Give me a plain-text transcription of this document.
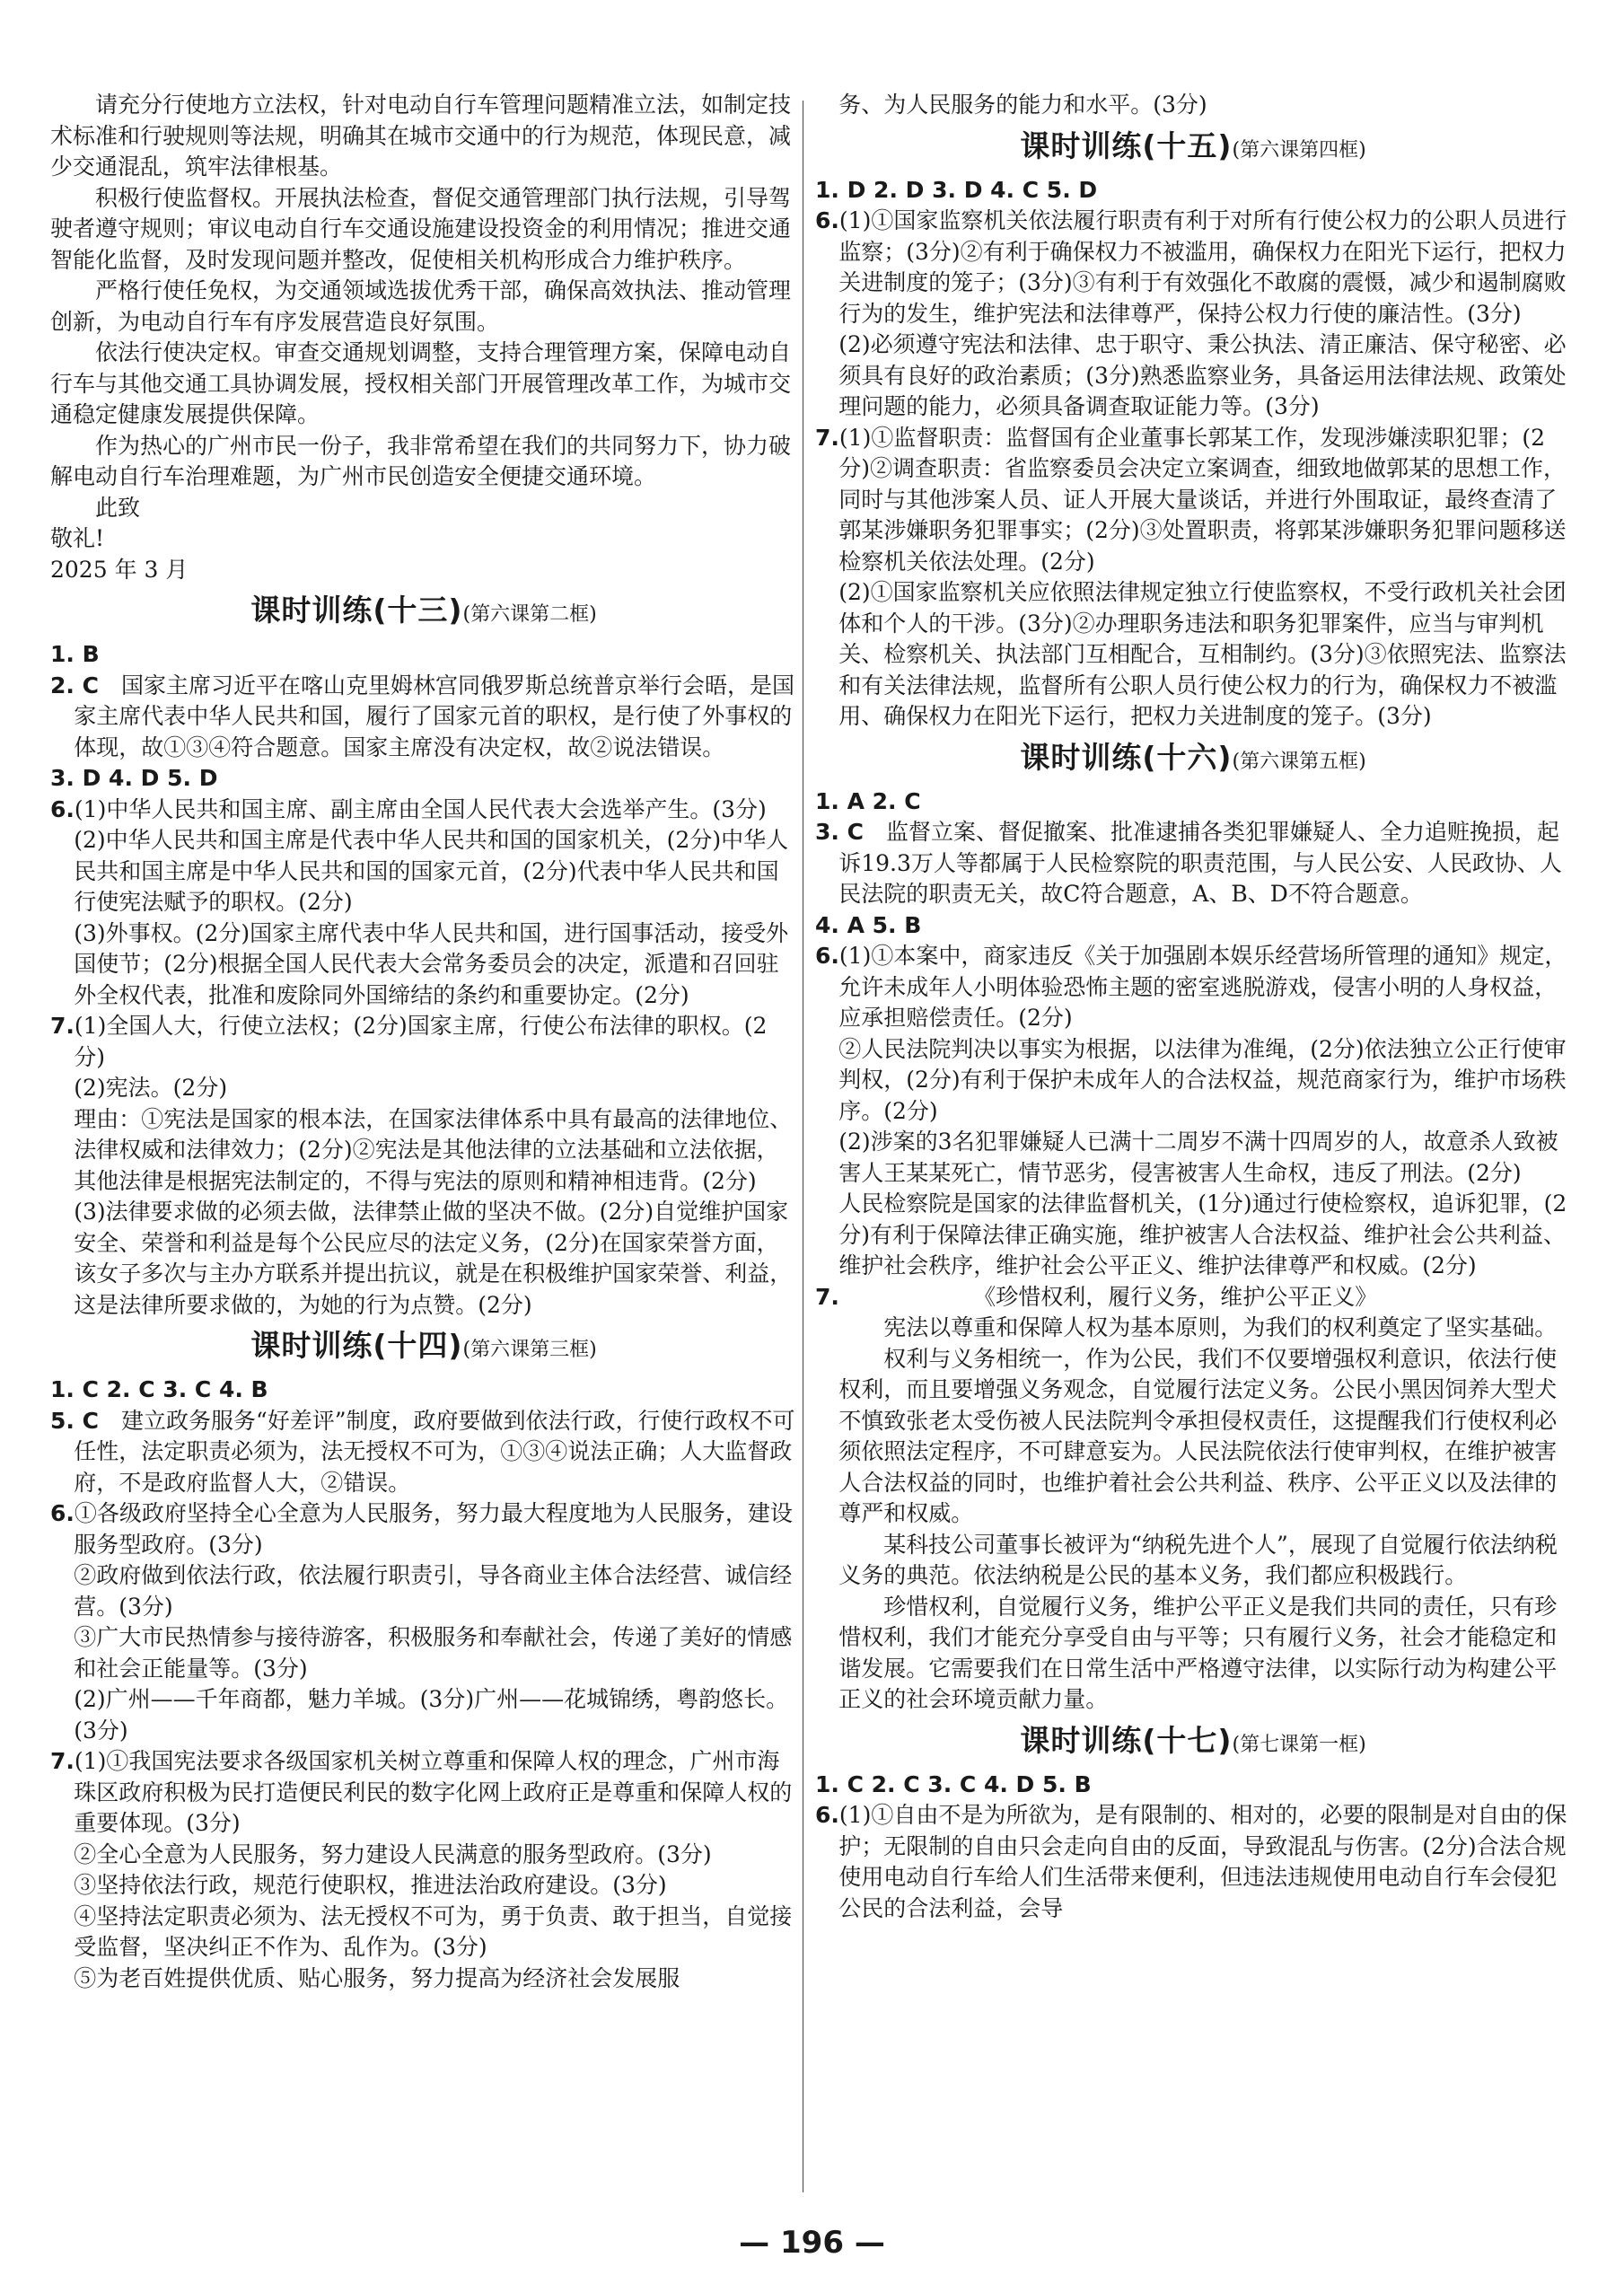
请充分行使地方立法权，针对电动自行车管理问题精准立法，如制定技术标准和行驶规则等法规，明确其在城市交通中的行为规范，体现民意，减少交通混乱，筑牢法律根基。

积极行使监督权。开展执法检查，督促交通管理部门执行法规，引导驾驶者遵守规则；审议电动自行车交通设施建设投资金的利用情况；推进交通智能化监督，及时发现问题并整改，促使相关机构形成合力维护秩序。

严格行使任免权，为交通领域选拔优秀干部，确保高效执法、推动管理创新，为电动自行车有序发展营造良好氛围。

依法行使决定权。审查交通规划调整，支持合理管理方案，保障电动自行车与其他交通工具协调发展，授权相关部门开展管理改革工作，为城市交通稳定健康发展提供保障。

作为热心的广州市民一份子，我非常希望在我们的共同努力下，协力破解电动自行车治理难题，为广州市民创造安全便捷交通环境。

此致

敬礼!

2025 年 3 月

课时训练(十三)(第六课第二框)

1. B

2. C　 国家主席习近平在喀山克里姆林宫同俄罗斯总统普京举行会晤，是国家主席代表中华人民共和国，履行了国家元首的职权，是行使了外事权的体现，故①③④符合题意。国家主席没有决定权，故②说法错误。

3. D 4. D 5. D

6.(1)中华人民共和国主席、副主席由全国人民代表大会选举产生。(3分)

(2)中华人民共和国主席是代表中华人民共和国的国家机关，(2分)中华人民共和国主席是中华人民共和国的国家元首，(2分)代表中华人民共和国行使宪法赋予的职权。(2分)

(3)外事权。(2分)国家主席代表中华人民共和国，进行国事活动，接受外国使节；(2分)根据全国人民代表大会常务委员会的决定，派遣和召回驻外全权代表，批准和废除同外国缔结的条约和重要协定。(2分)

7.(1)全国人大，行使立法权；(2分)国家主席，行使公布法律的职权。(2分)

(2)宪法。(2分)

理由：①宪法是国家的根本法，在国家法律体系中具有最高的法律地位、法律权威和法律效力；(2分)②宪法是其他法律的立法基础和立法依据，其他法律是根据宪法制定的，不得与宪法的原则和精神相违背。(2分)

(3)法律要求做的必须去做，法律禁止做的坚决不做。(2分)自觉维护国家安全、荣誉和利益是每个公民应尽的法定义务，(2分)在国家荣誉方面，该女子多次与主办方联系并提出抗议，就是在积极维护国家荣誉、利益，这是法律所要求做的，为她的行为点赞。(2分)

课时训练(十四)(第六课第三框)

1. C 2. C 3. C 4. B

5. C　 建立政务服务“好差评”制度，政府要做到依法行政，行使行政权不可任性，法定职责必须为，法无授权不可为，①③④说法正确；人大监督政府，不是政府监督人大，②错误。

6.①各级政府坚持全心全意为人民服务，努力最大程度地为人民服务，建设服务型政府。(3分)

②政府做到依法行政，依法履行职责引，导各商业主体合法经营、诚信经营。(3分)

③广大市民热情参与接待游客，积极服务和奉献社会，传递了美好的情感和社会正能量等。(3分)

(2)广州——千年商都，魅力羊城。(3分)广州——花城锦绣，粤韵悠长。(3分)

7.(1)①我国宪法要求各级国家机关树立尊重和保障人权的理念，广州市海珠区政府积极为民打造便民利民的数字化网上政府正是尊重和保障人权的重要体现。(3分)

②全心全意为人民服务，努力建设人民满意的服务型政府。(3分)

③坚持依法行政，规范行使职权，推进法治政府建设。(3分)

④坚持法定职责必须为、法无授权不可为，勇于负责、敢于担当，自觉接受监督，坚决纠正不作为、乱作为。(3分)

⑤为老百姓提供优质、贴心服务，努力提高为经济社会发展服

务、为人民服务的能力和水平。(3分)

课时训练(十五)(第六课第四框)

1. D 2. D 3. D 4. C 5. D

6.(1)①国家监察机关依法履行职责有利于对所有行使公权力的公职人员进行监察；(3分)②有利于确保权力不被滥用，确保权力在阳光下运行，把权力关进制度的笼子；(3分)③有利于有效强化不敢腐的震慑，减少和遏制腐败行为的发生，维护宪法和法律尊严，保持公权力行使的廉洁性。(3分)

(2)必须遵守宪法和法律、忠于职守、秉公执法、清正廉洁、保守秘密、必须具有良好的政治素质；(3分)熟悉监察业务，具备运用法律法规、政策处理问题的能力，必须具备调查取证能力等。(3分)

7.(1)①监督职责：监督国有企业董事长郭某工作，发现涉嫌渎职犯罪；(2分)②调查职责：省监察委员会决定立案调查，细致地做郭某的思想工作，同时与其他涉案人员、证人开展大量谈话，并进行外围取证，最终查清了郭某涉嫌职务犯罪事实；(2分)③处置职责，将郭某涉嫌职务犯罪问题移送检察机关依法处理。(2分)

(2)①国家监察机关应依照法律规定独立行使监察权，不受行政机关社会团体和个人的干涉。(3分)②办理职务违法和职务犯罪案件，应当与审判机关、检察机关、执法部门互相配合，互相制约。(3分)③依照宪法、监察法和有关法律法规，监督所有公职人员行使公权力的行为，确保权力不被滥用、确保权力在阳光下运行，把权力关进制度的笼子。(3分)

课时训练(十六)(第六课第五框)

1. A 2. C

3. C　 监督立案、督促撤案、批准逮捕各类犯罪嫌疑人、全力追赃挽损，起诉19.3万人等都属于人民检察院的职责范围，与人民公安、人民政协、人民法院的职责无关，故C符合题意，A、B、D不符合题意。

4. A 5. B

6.(1)①本案中，商家违反《关于加强剧本娱乐经营场所管理的通知》规定，允许未成年人小明体验恐怖主题的密室逃脱游戏，侵害小明的人身权益，应承担赔偿责任。(2分)

②人民法院判决以事实为根据，以法律为准绳，(2分)依法独立公正行使审判权，(2分)有利于保护未成年人的合法权益，规范商家行为，维护市场秩序。(2分)

(2)涉案的3名犯罪嫌疑人已满十二周岁不满十四周岁的人，故意杀人致被害人王某某死亡，情节恶劣，侵害被害人生命权，违反了刑法。(2分)

人民检察院是国家的法律监督机关，(1分)通过行使检察权，追诉犯罪，(2分)有利于保障法律正确实施，维护被害人合法权益、维护社会公共利益、维护社会秩序，维护社会公平正义、维护法律尊严和权威。(2分)

7.	《珍惜权利，履行义务，维护公平正义》

宪法以尊重和保障人权为基本原则，为我们的权利奠定了坚实基础。

权利与义务相统一，作为公民，我们不仅要增强权利意识，依法行使权利，而且要增强义务观念，自觉履行法定义务。公民小黑因饲养大型犬不慎致张老太受伤被人民法院判令承担侵权责任，这提醒我们行使权利必须依照法定程序，不可肆意妄为。人民法院依法行使审判权，在维护被害人合法权益的同时，也维护着社会公共利益、秩序、公平正义以及法律的尊严和权威。

某科技公司董事长被评为“纳税先进个人”，展现了自觉履行依法纳税义务的典范。依法纳税是公民的基本义务，我们都应积极践行。

珍惜权利，自觉履行义务，维护公平正义是我们共同的责任，只有珍惜权利，我们才能充分享受自由与平等；只有履行义务，社会才能稳定和谐发展。它需要我们在日常生活中严格遵守法律，以实际行动为构建公平正义的社会环境贡献力量。

课时训练(十七)(第七课第一框)

1. C 2. C 3. C 4. D 5. B

6.(1)①自由不是为所欲为，是有限制的、相对的，必要的限制是对自由的保护；无限制的自由只会走向自由的反面，导致混乱与伤害。(2分)合法合规使用电动自行车给人们生活带来便利，但违法违规使用电动自行车会侵犯公民的合法利益，会导

— 196 —
